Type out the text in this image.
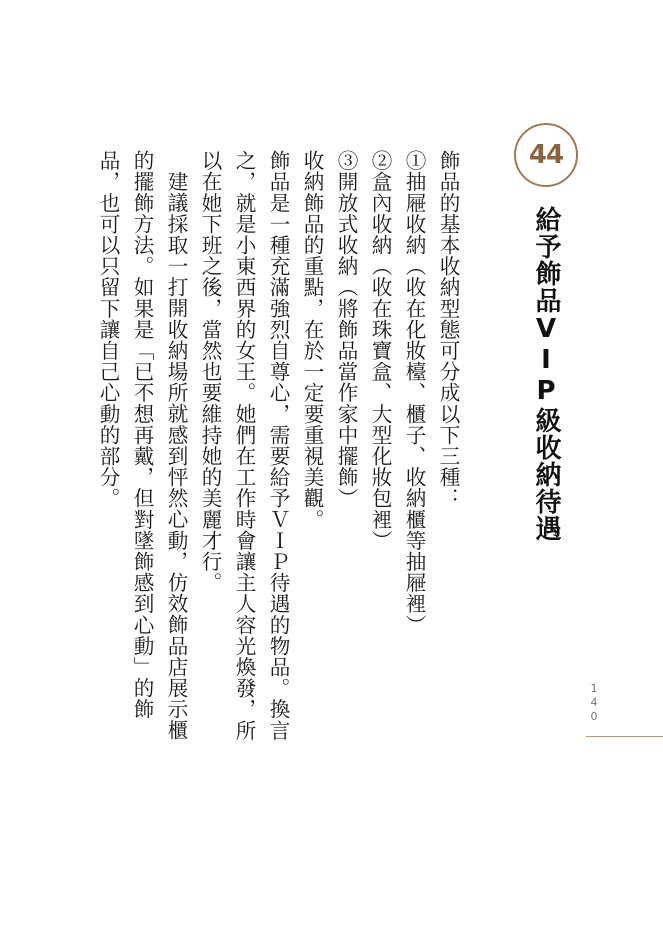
44
給予飾品VIP級收納待遇

飾品的基本收納型態可分成以下三種：

①抽屜收納（收在化妝檯、櫃子、收納櫃等抽屜裡）

②盒內收納（收在珠寶盒、大型化妝包裡）

③開放式收納（將飾品當作家中擺飾）

收納飾品的重點，在於一定要重視美觀。

飾品是一種充滿強烈自尊心，需要給予ＶＩＰ待遇的物品。換言之，就是小東西界的女王。她們在工作時會讓主人容光煥發，所以在她下班之後，當然也要維持她的美麗才行。

建議採取一打開收納場所就感到怦然心動，仿效飾品店展示櫃的擺飾方法。如果是「已不想再戴，但對墜飾感到心動」的飾品，也可以只留下讓自己心動的部分。

1
4
0
